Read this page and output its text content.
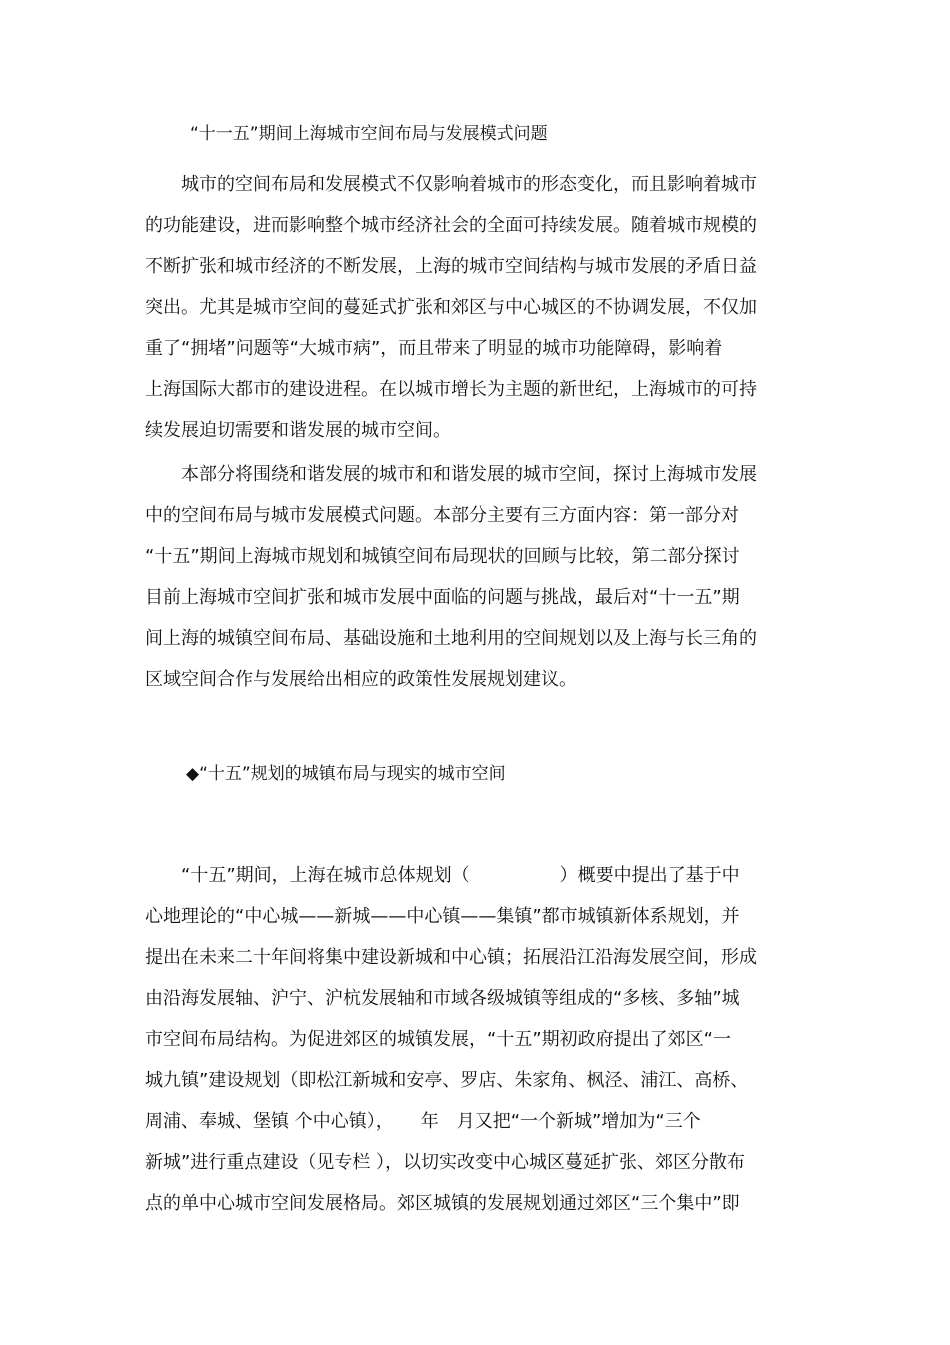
“十一五”期间上海城市空间布局与发展模式问题
城市的空间布局和发展模式不仅影响着城市的形态变化，而且影响着城市
的功能建设，进而影响整个城市经济社会的全面可持续发展。随着城市规模的
不断扩张和城市经济的不断发展，上海的城市空间结构与城市发展的矛盾日益
突出。尤其是城市空间的蔓延式扩张和郊区与中心城区的不协调发展，不仅加
重了“拥堵”问题等“大城市病”，而且带来了明显的城市功能障碍，影响着
上海国际大都市的建设进程。在以城市增长为主题的新世纪，上海城市的可持
续发展迫切需要和谐发展的城市空间。
本部分将围绕和谐发展的城市和和谐发展的城市空间，探讨上海城市发展
中的空间布局与城市发展模式问题。本部分主要有三方面内容：第一部分对
“十五”期间上海城市规划和城镇空间布局现状的回顾与比较，第二部分探讨
目前上海城市空间扩张和城市发展中面临的问题与挑战，最后对“十一五”期
间上海的城镇空间布局、基础设施和土地利用的空间规划以及上海与长三角的
区域空间合作与发展给出相应的政策性发展规划建议。
◆“十五”规划的城镇布局与现实的城市空间
“十五”期间，上海在城市总体规划（　　　　　）概要中提出了基于中
心地理论的“中心城——新城——中心镇——集镇”都市城镇新体系规划，并
提出在未来二十年间将集中建设新城和中心镇；拓展沿江沿海发展空间，形成
由沿海发展轴、沪宁、沪杭发展轴和市域各级城镇等组成的“多核、多轴”城
市空间布局结构。为促进郊区的城镇发展，“十五”期初政府提出了郊区“一
城九镇”建设规划（即松江新城和安亭、罗店、朱家角、枫泾、浦江、高桥、
周浦、奉城、堡镇 个中心镇），　　年　月又把“一个新城”增加为“三个
新城”进行重点建设（见专栏 ），以切实改变中心城区蔓延扩张、郊区分散布
点的单中心城市空间发展格局。郊区城镇的发展规划通过郊区“三个集中”即
